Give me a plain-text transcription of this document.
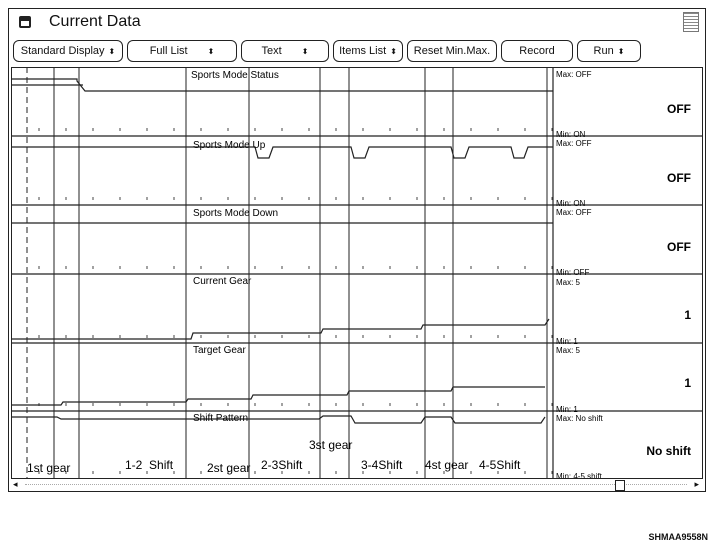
Current Data
Standard Display ⬍	Full List	⬍	Text	⬍	Items List ⬍	Reset Min.Max.	Record	Run ⬍
Sports Mode Status
Sports Mode Up
Sports Mode Down
Current Gear
Target Gear
Shift Pattern
Max: OFF
Min: ON
Max: OFF
Min: ON
Max: OFF
Min: OFF
Max: 5
Min: 1
Max: 5
Min: 1
Max: No shift
Min: 4-5 shift
OFF
OFF
OFF
1
1
No shift
1st gear	1-2  Shift	2st gear 2-3Shift
3st gear
3-4Shift 4st gear 4-5Shift
◂	▸
SHMAA9558N
